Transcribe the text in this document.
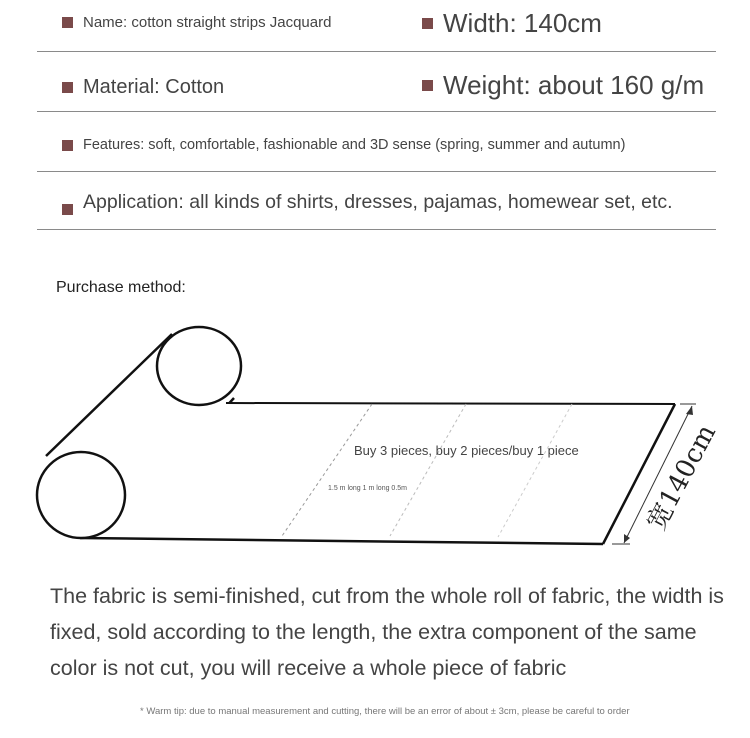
Name: cotton straight strips Jacquard	Width: 140cm
Material: Cotton	Weight: about 160 g/m
Features: soft, comfortable, fashionable and 3D sense (spring, summer and autumn)
Application: all kinds of shirts, dresses, pajamas, homewear set, etc.
Purchase method:
Buy 3 pieces, buy 2 pieces/buy 1 piece
1.5 m long 1 m long 0.5m	宽140cm
The fabric is semi-finished, cut from the whole roll of fabric, the width is fixed, sold according to the length, the extra component of the same color is not cut, you will receive a whole piece of fabric
* Warm tip: due to manual measurement and cutting, there will be an error of about ± 3cm, please be careful to order
